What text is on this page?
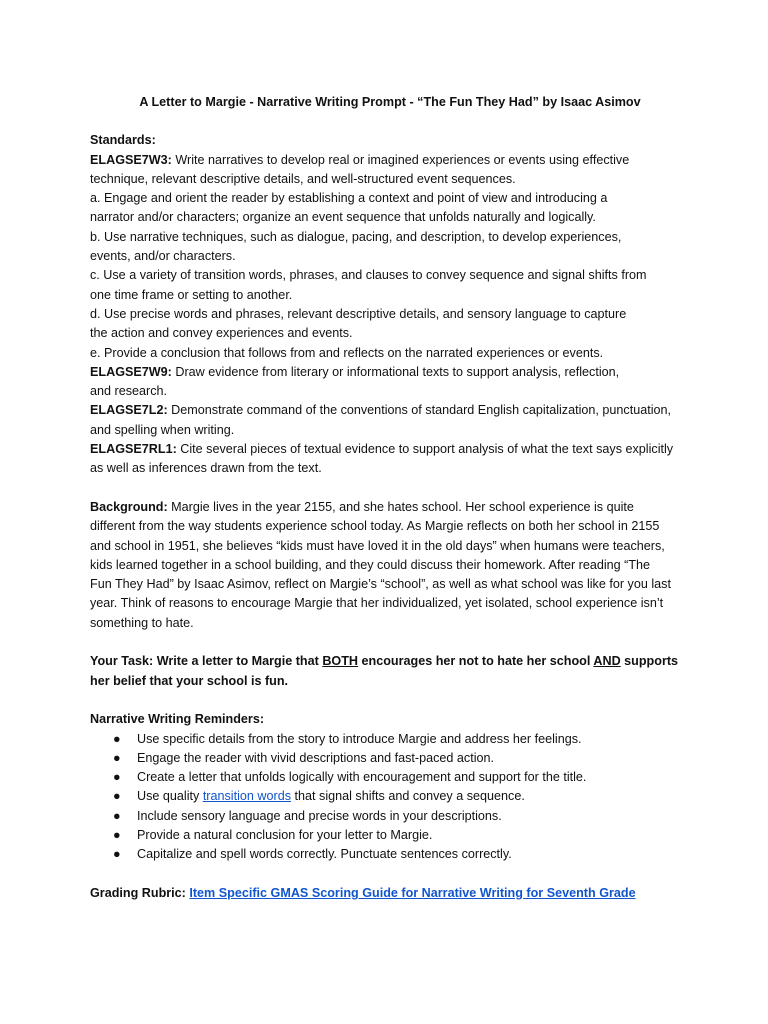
A Letter to Margie - Narrative Writing Prompt - “The Fun They Had” by Isaac Asimov
Standards:
ELAGSE7W3: Write narratives to develop real or imagined experiences or events using effective
technique, relevant descriptive details, and well-structured event sequences.
a. Engage and orient the reader by establishing a context and point of view and introducing a
narrator and/or characters; organize an event sequence that unfolds naturally and logically.
b. Use narrative techniques, such as dialogue, pacing, and description, to develop experiences,
events, and/or characters.
c. Use a variety of transition words, phrases, and clauses to convey sequence and signal shifts from
one time frame or setting to another.
d. Use precise words and phrases, relevant descriptive details, and sensory language to capture
the action and convey experiences and events.
e. Provide a conclusion that follows from and reflects on the narrated experiences or events.
ELAGSE7W9: Draw evidence from literary or informational texts to support analysis, reflection,
and research.
ELAGSE7L2: Demonstrate command of the conventions of standard English capitalization, punctuation,
and spelling when writing.
ELAGSE7RL1: Cite several pieces of textual evidence to support analysis of what the text says explicitly
as well as inferences drawn from the text.
Background: Margie lives in the year 2155, and she hates school. Her school experience is quite
different from the way students experience school today. As Margie reflects on both her school in 2155
and school in 1951, she believes “kids must have loved it in the old days” when humans were teachers,
kids learned together in a school building, and they could discuss their homework. After reading “The
Fun They Had” by Isaac Asimov, reflect on Margie’s “school”, as well as what school was like for you last
year. Think of reasons to encourage Margie that her individualized, yet isolated, school experience isn’t
something to hate.
Your Task: Write a letter to Margie that BOTH encourages her not to hate her school AND supports
her belief that your school is fun.
Narrative Writing Reminders:
● Use specific details from the story to introduce Margie and address her feelings.
● Engage the reader with vivid descriptions and fast-paced action.
● Create a letter that unfolds logically with encouragement and support for the title.
● Use quality transition words that signal shifts and convey a sequence.
● Include sensory language and precise words in your descriptions.
● Provide a natural conclusion for your letter to Margie.
● Capitalize and spell words correctly. Punctuate sentences correctly.
Grading Rubric: Item Specific GMAS Scoring Guide for Narrative Writing for Seventh Grade
